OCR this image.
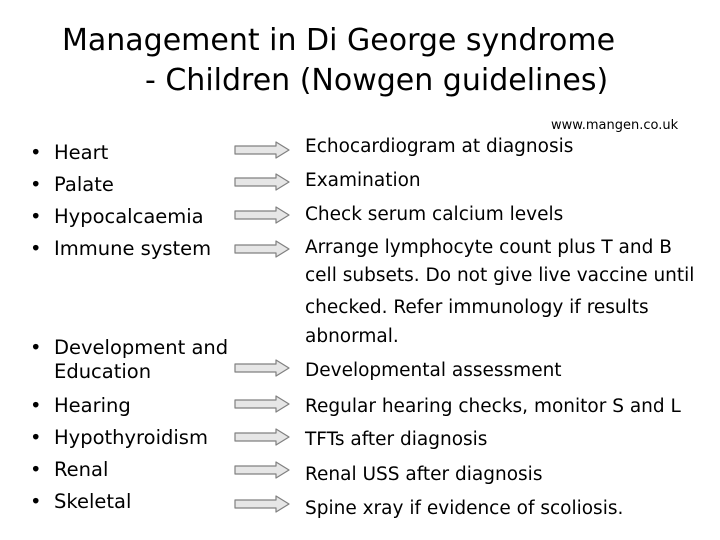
Management in Di George syndrome
- Children (Nowgen guidelines)
www.mangen.co.uk
• Heart
• Palate
• Hypocalcaemia
• Immune system
• Development and
Education
• Hearing
• Hypothyroidism
• Renal
• Skeletal
Echocardiogram at diagnosis
Examination
Check serum calcium levels
Arrange lymphocyte count plus T and B
cell subsets. Do not give live vaccine until
checked. Refer immunology if results
abnormal.
Developmental assessment
Regular hearing checks, monitor S and L
TFTs after diagnosis
Renal USS after diagnosis
Spine xray if evidence of scoliosis.
